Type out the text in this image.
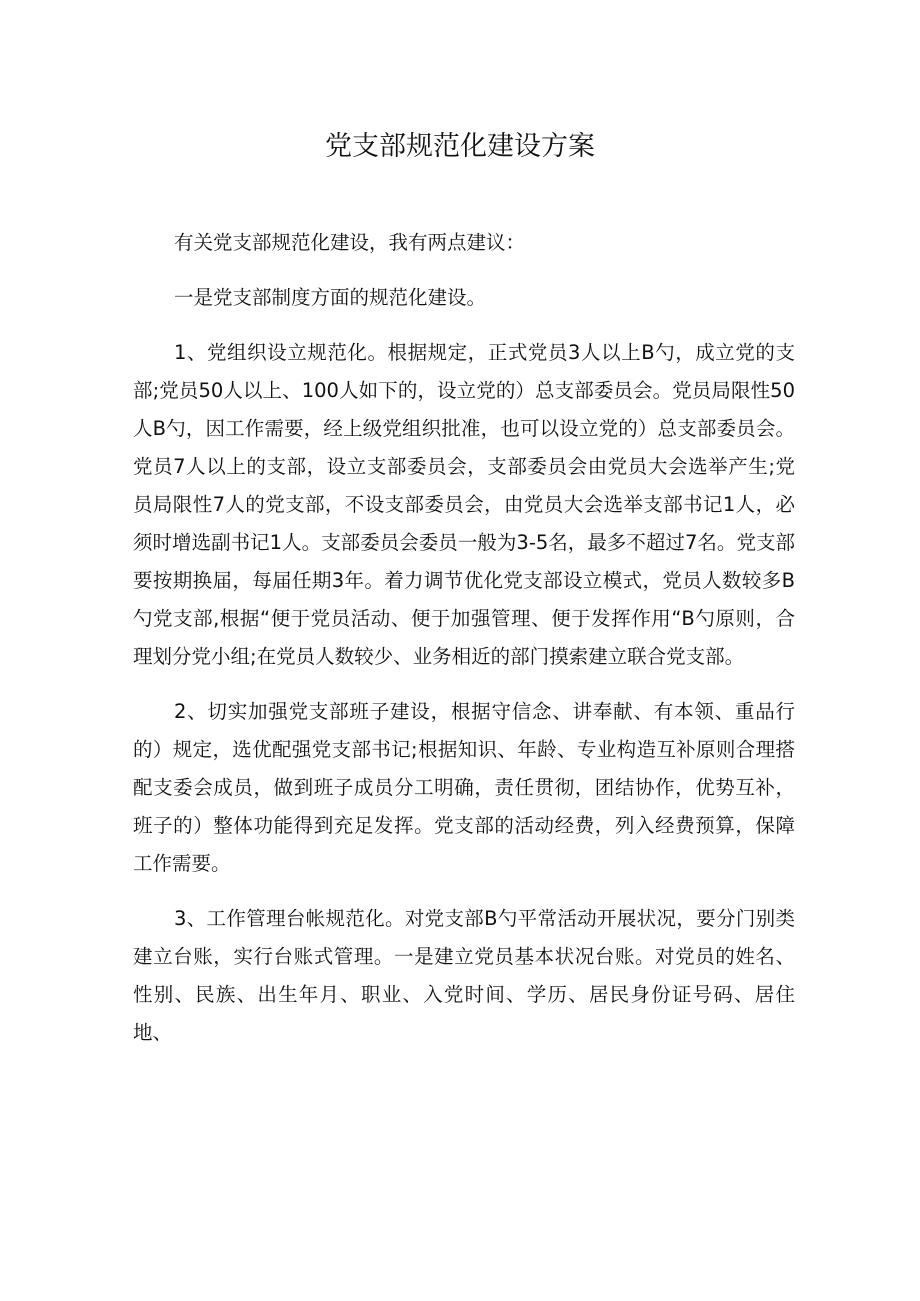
党支部规范化建设方案

有关党支部规范化建设，我有两点建议：

一是党支部制度方面的规范化建设。

1、党组织设立规范化。根据规定，正式党员3人以上B勺，成立党的支部;党员50人以上、100人如下的，设立党的）总支部委员会。党员局限性50人B勺，因工作需要，经上级党组织批准，也可以设立党的）总支部委员会。党员7人以上的支部，设立支部委员会，支部委员会由党员大会选举产生;党员局限性7人的党支部，不设支部委员会，由党员大会选举支部书记1人，必须时增选副书记1人。支部委员会委员一般为3-5名，最多不超过7名。党支部要按期换届，每届任期3年。着力调节优化党支部设立模式，党员人数较多B勺党支部,根据“便于党员活动、便于加强管理、便于发挥作用“B勺原则，合理划分党小组;在党员人数较少、业务相近的部门摸索建立联合党支部。

2、切实加强党支部班子建设，根据守信念、讲奉献、有本领、重品行的）规定，选优配强党支部书记;根据知识、年龄、专业构造互补原则合理搭配支委会成员，做到班子成员分工明确，责任贯彻，团结协作，优势互补，班子的）整体功能得到充足发挥。党支部的活动经费，列入经费预算，保障工作需要。

3、工作管理台帐规范化。对党支部B勺平常活动开展状况，要分门别类建立台账，实行台账式管理。一是建立党员基本状况台账。对党员的姓名、性别、民族、出生年月、职业、入党时间、学历、居民身份证号码、居住地、
